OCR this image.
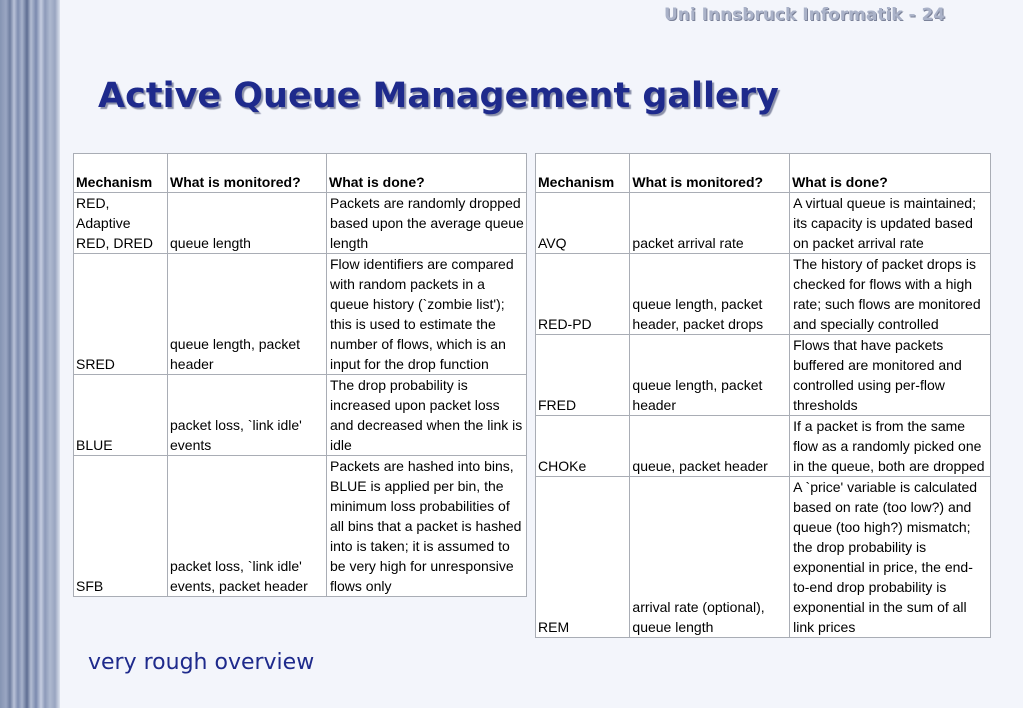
Uni Innsbruck Informatik - 24
Active Queue Management gallery
Mechanism	What is monitored?	What is done?
RED, Adaptive RED, DRED	queue length	Packets are randomly dropped based upon the average queue length
SRED	queue length, packet header	Flow identifiers are compared with random packets in a queue history (`zombie list'); this is used to estimate the number of flows, which is an input for the drop function
BLUE	packet loss, `link idle' events	The drop probability is increased upon packet loss and decreased when the link is idle
SFB	packet loss, `link idle' events, packet header	Packets are hashed into bins, BLUE is applied per bin, the minimum loss probabilities of all bins that a packet is hashed into is taken; it is assumed to be very high for unresponsive flows only
Mechanism	What is monitored?	What is done?
AVQ	packet arrival rate	A virtual queue is maintained; its capacity is updated based on packet arrival rate
RED-PD	queue length, packet header, packet drops	The history of packet drops is checked for flows with a high rate; such flows are monitored and specially controlled
FRED	queue length, packet header	Flows that have packets buffered are monitored and controlled using per-flow thresholds
CHOKe	queue, packet header	If a packet is from the same flow as a randomly picked one in the queue, both are dropped
REM	arrival rate (optional), queue length	A `price' variable is calculated based on rate (too low?) and queue (too high?) mismatch; the drop probability is exponential in price, the end-to-end drop probability is exponential in the sum of all link prices
very rough overview
